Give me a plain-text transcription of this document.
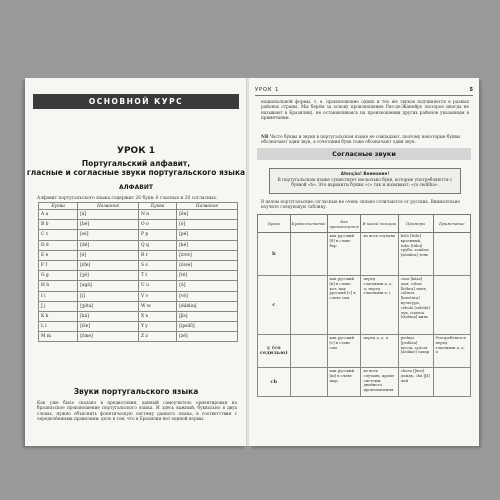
ОСНОВНОЙ КУРС
УРОК 1
Португальский алфавит,
гласные и согласные звуки португальского языка
АЛФАВИТ
Алфавит португальского языка содержит 26 букв: 6 гласных и 20 согласных.
Буква	Название	Буква	Название
A a	[á]	N n	[ẽn]
B b	[bé]	O o	[ó]
C c	[sé]	P p	[pé]
D d	[dé]	Q q	[ké]
E e	[é]	R r	[έrre]
F f	[έfe]	S s	[έsse]
G g	[ʒé]	T t	[té]
H h	[agá]	U u	[ú]
I i	[í]	V v	[vé]
J j	[ʒóta]	W w	[dábliu]
K k	[ká]	X x	[ʃis]
L l	[έle]	Y y	[ipsilõ]
M m	[έme]	Z z	[zé]
Звуки португальского языка
Как уже было сказано в предисловии, данный самоучитель ориентирован на бразильское произношение португальского языка. И здесь важный, буквально в двух словах, нужно объяснить фонетическую систему данного языка, в соответствии с определёнными правилами: дело в том, что в Бразилии нет единой нормы.
УРОК 1	5
национальной формы, т. е. произношение одних и тех же звуков подчиняется в разных районах страны. Мы берём за основу произношение Рио-де-Жанейро (которое иногда не называют в Бразилии), не останавливаясь на произношении других районов указанным в примечании.
NB Часто буквы и звуки в португальском языке не совпадают, поэтому некоторые буквы обозначают один звук, а сочетания букв тоже обозначают один звук.
Согласные звуки
Atenção! Внимание!
В португальском языке существует несколько букв, которые употребляются с буквой «h». Это варианты буквы «с» так и называют: «cs cedilha».
В целом португальские согласные не очень сильно отличаются от русских. Внимательно изучите следующую таблицу.
Буква	Буквосочетание	Как произносится	В какой позиции	Примеры	Примечание
b		как русский [б] в слове бар	во всех случаях	belo [bέlu] красивый, tubo [túbu] труба, sombra [sõmbra] тень	
c		как русский [к] в слове кот; как русский [с] в слове сам	перед гласными a, o, u; перед гласными e, i	casa [káza] дом, cobra [kóbra] змея, cultura [kuwtúra] культура, cebola [sebóla] лук, cinema [sinéma] кино	
ç (со седилью)		как русский [с] в слове сам	перед a, o, u	pedaço [pedásu] кусок, açúcar [asúkar] сахар	Употребляется перед гласными a, o, u
ch		как русский [ш] в слове шар	во всех случаях, кроме системы двойного произношения	chuva [ʃúva] дождь, chá [ʃá] чай	
